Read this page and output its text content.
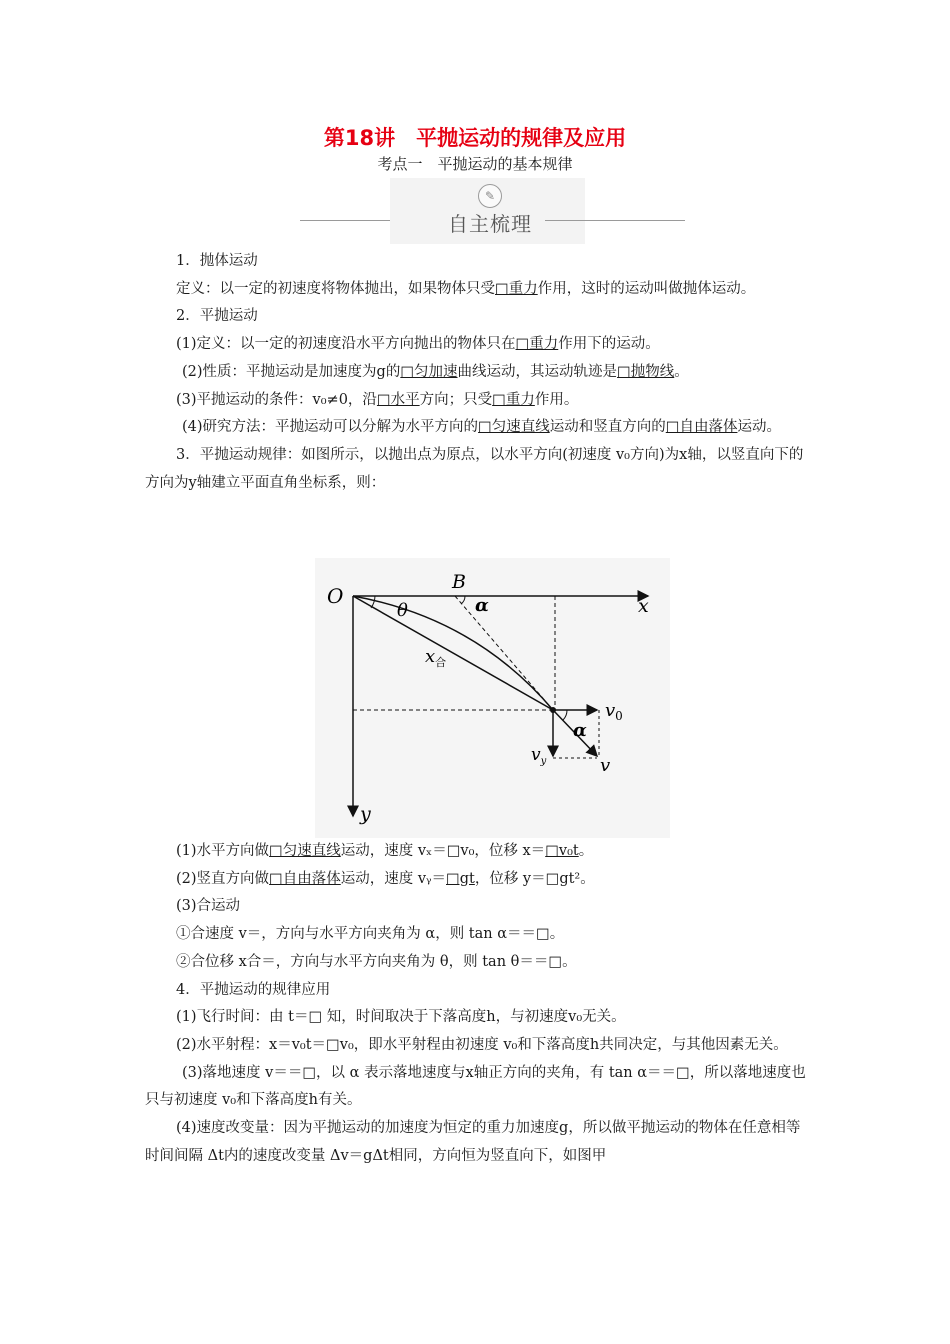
第18讲　平抛运动的规律及应用
考点一　平抛运动的基本规律
✎
自主梳理

1．抛体运动

定义：以一定的初速度将物体抛出，如果物体只受□重力作用，这时的运动叫做抛体运动。

2．平抛运动

(1)定义：以一定的初速度沿水平方向抛出的物体只在□重力作用下的运动。

(2)性质：平抛运动是加速度为g的□匀加速曲线运动，其运动轨迹是□抛物线。

(3)平抛运动的条件：v₀≠0，沿□水平方向；只受□重力作用。

(4)研究方法：平抛运动可以分解为水平方向的□匀速直线运动和竖直方向的□自由落体运动。

3．平抛运动规律：如图所示，以抛出点为原点，以水平方向(初速度 v₀方向)为x轴，以竖直向下的方向为y轴建立平面直角坐标系，则：

O
B
α
θ	x
y
$x_合$
α
$v_0$
$v_y$	v

(1)水平方向做□匀速直线运动，速度 vₓ＝□v₀，位移 x＝□v₀t。

(2)竖直方向做□自由落体运动，速度 vᵧ＝□gt，位移 y＝□gt²。

(3)合运动

①合速度 v＝，方向与水平方向夹角为 α，则 tan α＝＝□。

②合位移 x合＝，方向与水平方向夹角为 θ，则 tan θ＝＝□。

4．平抛运动的规律应用

(1)飞行时间：由 t＝□ 知，时间取决于下落高度h，与初速度v₀无关。

(2)水平射程：x＝v₀t＝□v₀，即水平射程由初速度 v₀和下落高度h共同决定，与其他因素无关。

(3)落地速度 v＝＝□，以 α 表示落地速度与x轴正方向的夹角，有 tan α＝＝□，所以落地速度也只与初速度 v₀和下落高度h有关。

(4)速度改变量：因为平抛运动的加速度为恒定的重力加速度g，所以做平抛运动的物体在任意相等时间间隔 Δt内的速度改变量 Δv＝gΔt相同，方向恒为竖直向下，如图甲
